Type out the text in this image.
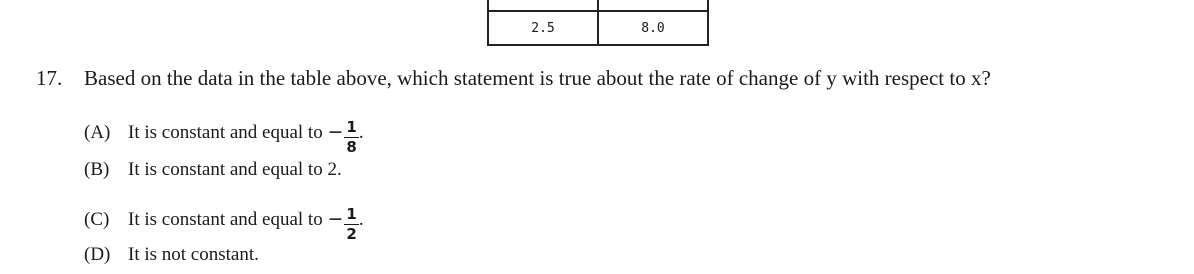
2.5	8.0
17. Based on the data in the table above, which statement is true about the rate of change of y with respect to x?
(A) It is constant and equal to − $\frac{1}{8}$ .
(B) It is constant and equal to 2.
(C) It is constant and equal to − $\frac{1}{2}$ .
(D) It is not constant.
